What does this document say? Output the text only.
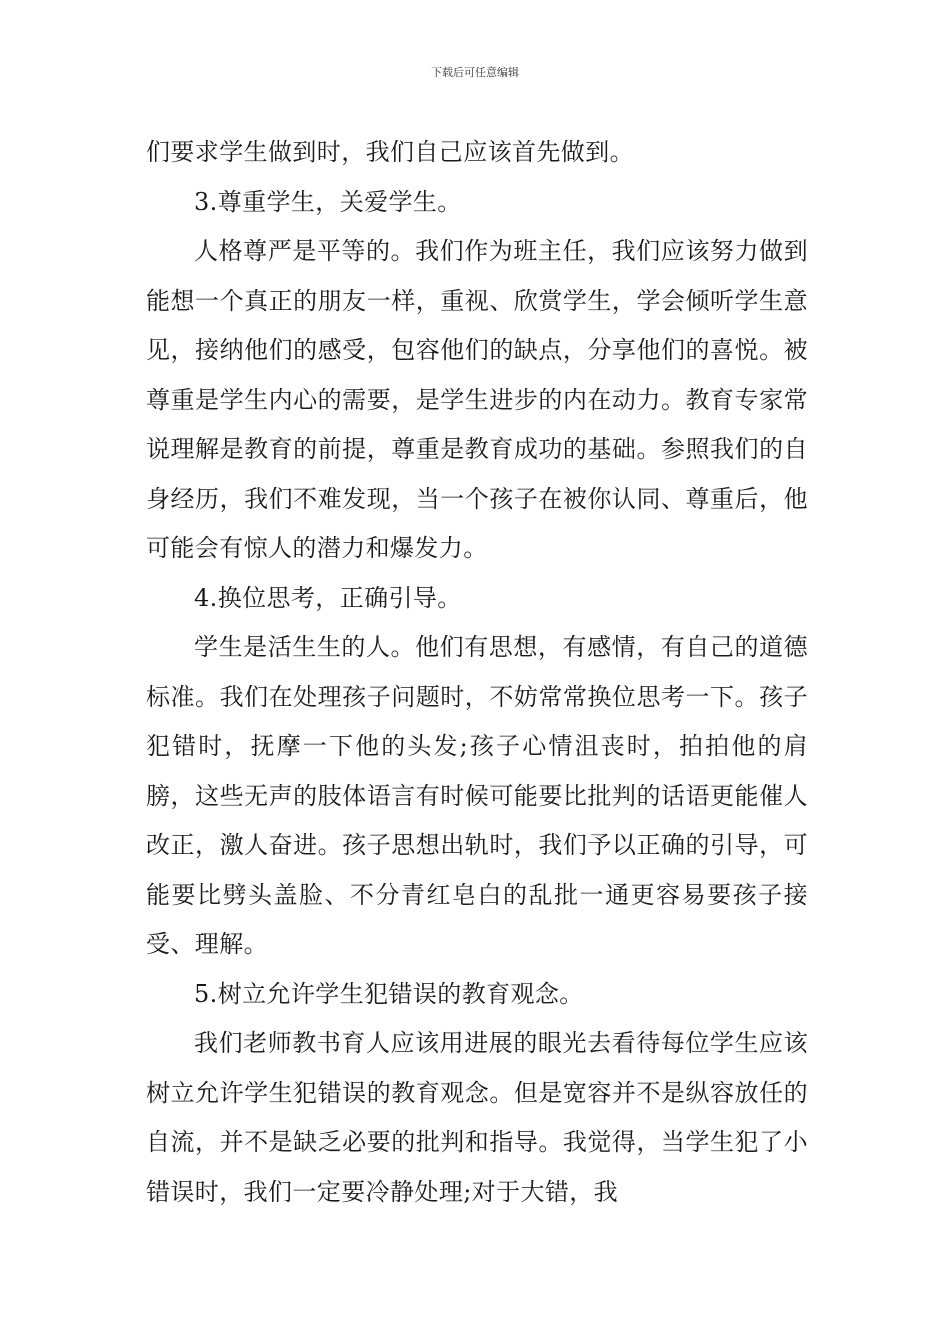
下载后可任意编辑

们要求学生做到时，我们自己应该首先做到。

3.尊重学生，关爱学生。

人格尊严是平等的。我们作为班主任，我们应该努力做到能想一个真正的朋友一样，重视、欣赏学生，学会倾听学生意见，接纳他们的感受，包容他们的缺点，分享他们的喜悦。被尊重是学生内心的需要，是学生进步的内在动力。教育专家常说理解是教育的前提，尊重是教育成功的基础。参照我们的自身经历，我们不难发现，当一个孩子在被你认同、尊重后，他可能会有惊人的潜力和爆发力。

4.换位思考，正确引导。

学生是活生生的人。他们有思想，有感情，有自己的道德标准。我们在处理孩子问题时，不妨常常换位思考一下。孩子犯错时，抚摩一下他的头发;孩子心情沮丧时，拍拍他的肩膀，这些无声的肢体语言有时候可能要比批判的话语更能催人改正，激人奋进。孩子思想出轨时，我们予以正确的引导，可能要比劈头盖脸、不分青红皂白的乱批一通更容易要孩子接受、理解。

5.树立允许学生犯错误的教育观念。

我们老师教书育人应该用进展的眼光去看待每位学生应该树立允许学生犯错误的教育观念。但是宽容并不是纵容放任的自流，并不是缺乏必要的批判和指导。我觉得，当学生犯了小错误时，我们一定要冷静处理;对于大错，我
